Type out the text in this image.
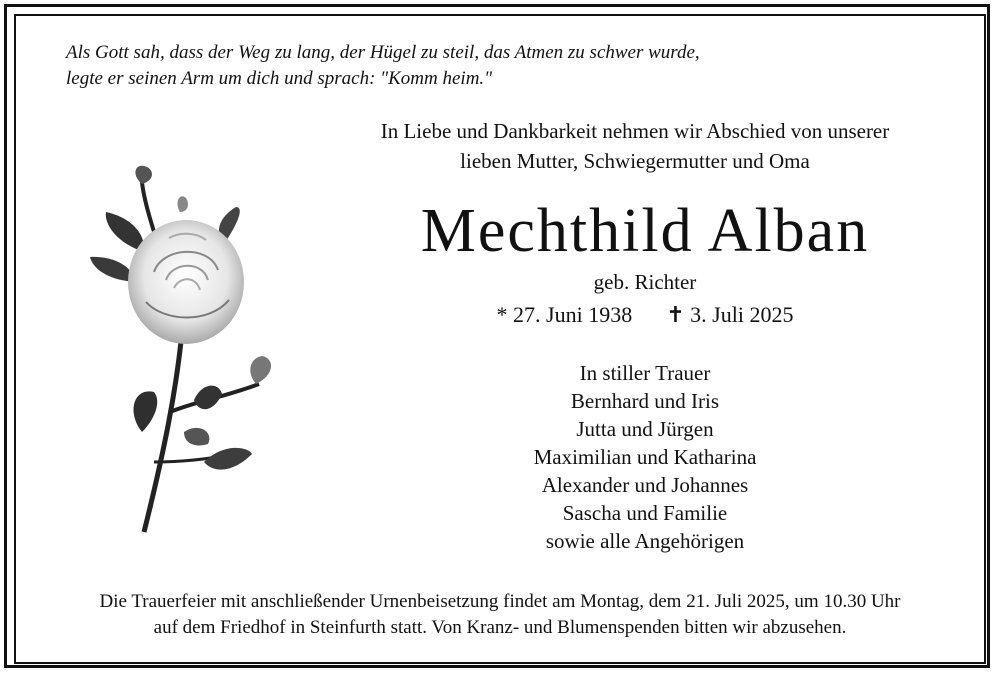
Als Gott sah, dass der Weg zu lang, der Hügel zu steil, das Atmen zu schwer wurde,
legte er seinen Arm um dich und sprach: "Komm heim."
In Liebe und Dankbarkeit nehmen wir Abschied von unserer
lieben Mutter, Schwiegermutter und Oma
Mechthild Alban
geb. Richter
* 27. Juni 1938 ✝ 3. Juli 2025
In stiller Trauer
Bernhard und Iris
Jutta und Jürgen
Maximilian und Katharina
Alexander und Johannes
Sascha und Familie
sowie alle Angehörigen
Die Trauerfeier mit anschließender Urnenbeisetzung findet am Montag, dem 21. Juli 2025, um 10.30 Uhr
auf dem Friedhof in Steinfurth statt. Von Kranz- und Blumenspenden bitten wir abzusehen.
